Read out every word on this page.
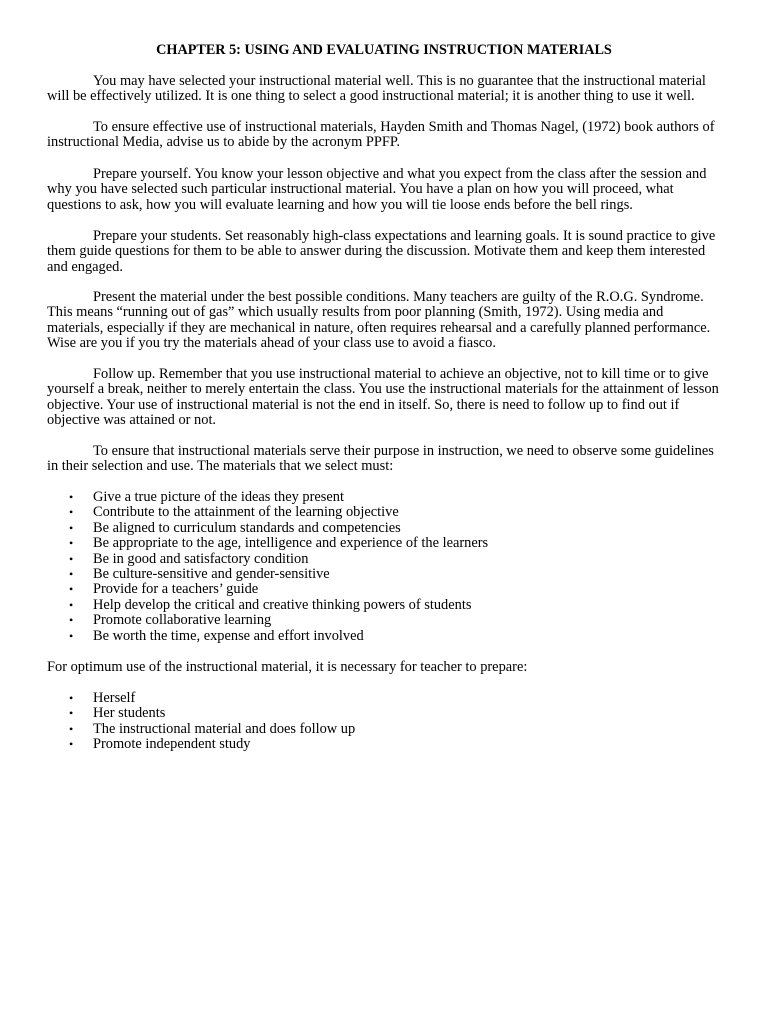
CHAPTER 5: USING AND EVALUATING INSTRUCTION MATERIALS

You may have selected your instructional material well. This is no guarantee that the instructional material will be effectively utilized. It is one thing to select a good instructional material; it is another thing to use it well.

To ensure effective use of instructional materials, Hayden Smith and Thomas Nagel, (1972) book authors of instructional Media, advise us to abide by the acronym PPFP.

Prepare yourself. You know your lesson objective and what you expect from the class after the session and why you have selected such particular instructional material. You have a plan on how you will proceed, what questions to ask, how you will evaluate learning and how you will tie loose ends before the bell rings.

Prepare your students. Set reasonably high-class expectations and learning goals. It is sound practice to give them guide questions for them to be able to answer during the discussion. Motivate them and keep them interested and engaged.

Present the material under the best possible conditions. Many teachers are guilty of the R.O.G. Syndrome. This means “running out of gas” which usually results from poor planning (Smith, 1972). Using media and materials, especially if they are mechanical in nature, often requires rehearsal and a carefully planned performance. Wise are you if you try the materials ahead of your class use to avoid a fiasco.

Follow up. Remember that you use instructional material to achieve an objective, not to kill time or to give yourself a break, neither to merely entertain the class. You use the instructional materials for the attainment of lesson objective. Your use of instructional material is not the end in itself. So, there is need to follow up to find out if objective was attained or not.

To ensure that instructional materials serve their purpose in instruction, we need to observe some guidelines in their selection and use. The materials that we select must:

• Give a true picture of the ideas they present
• Contribute to the attainment of the learning objective
• Be aligned to curriculum standards and competencies
• Be appropriate to the age, intelligence and experience of the learners
• Be in good and satisfactory condition
• Be culture-sensitive and gender-sensitive
• Provide for a teachers’ guide
• Help develop the critical and creative thinking powers of students
• Promote collaborative learning
• Be worth the time, expense and effort involved

For optimum use of the instructional material, it is necessary for teacher to prepare:

• Herself
• Her students
• The instructional material and does follow up
• Promote independent study
